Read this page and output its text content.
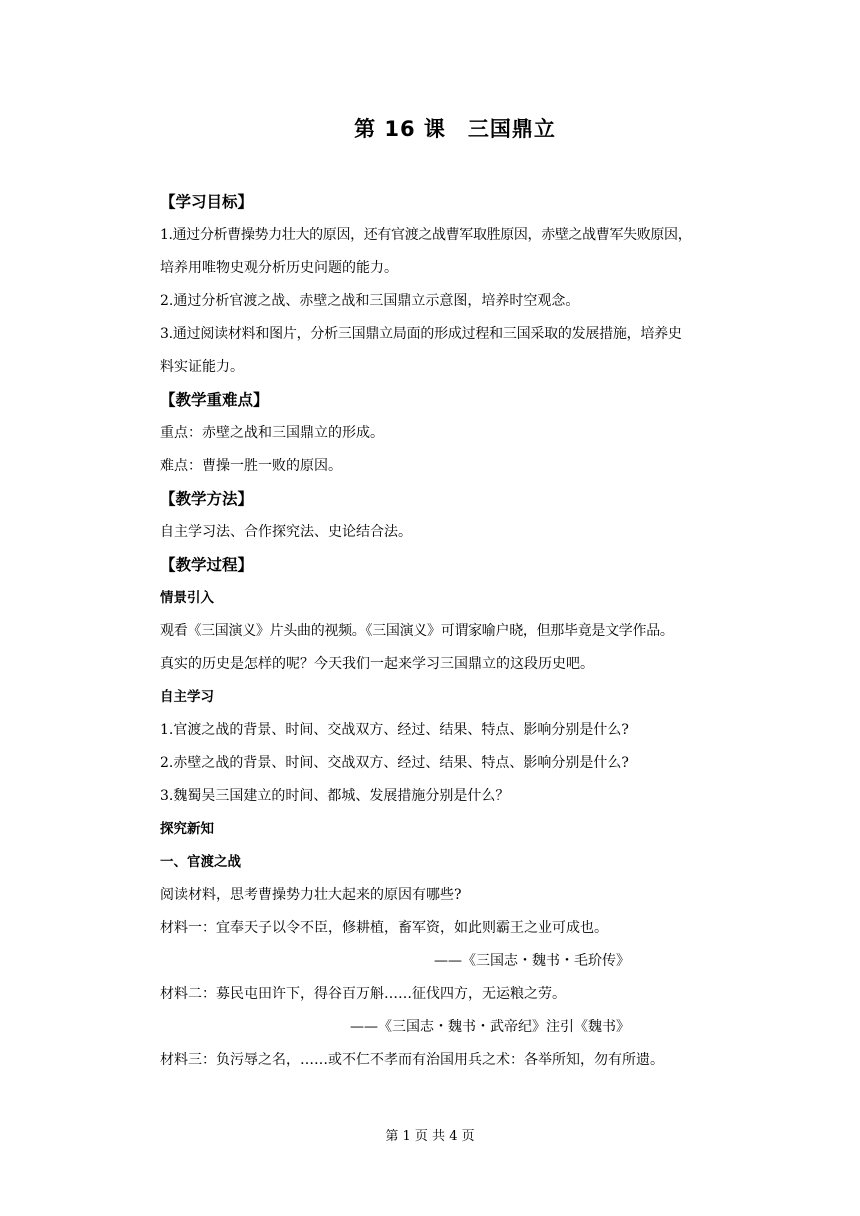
第 16 课　三国鼎立
【学习目标】
1.通过分析曹操势力壮大的原因，还有官渡之战曹军取胜原因，赤壁之战曹军失败原因，
培养用唯物史观分析历史问题的能力。
2.通过分析官渡之战、赤壁之战和三国鼎立示意图，培养时空观念。
3.通过阅读材料和图片，分析三国鼎立局面的形成过程和三国采取的发展措施，培养史
料实证能力。
【教学重难点】
重点：赤壁之战和三国鼎立的形成。
难点：曹操一胜一败的原因。
【教学方法】
自主学习法、合作探究法、史论结合法。
【教学过程】
情景引入
观看《三国演义》片头曲的视频。《三国演义》可谓家喻户晓，但那毕竟是文学作品。
真实的历史是怎样的呢？今天我们一起来学习三国鼎立的这段历史吧。
自主学习
1.官渡之战的背景、时间、交战双方、经过、结果、特点、影响分别是什么?
2.赤壁之战的背景、时间、交战双方、经过、结果、特点、影响分别是什么?
3.魏蜀吴三国建立的时间、都城、发展措施分别是什么？
探究新知
一、官渡之战
阅读材料，思考曹操势力壮大起来的原因有哪些?
材料一：宜奉天子以令不臣，修耕植，畜军资，如此则霸王之业可成也。
——《三国志・魏书・毛玠传》
材料二：募民屯田许下，得谷百万斛……征伐四方，无运粮之劳。
——《三国志・魏书・武帝纪》注引《魏书》
材料三：负污辱之名，……或不仁不孝而有治国用兵之术：各举所知，勿有所遗。
第 1 页 共 4 页
